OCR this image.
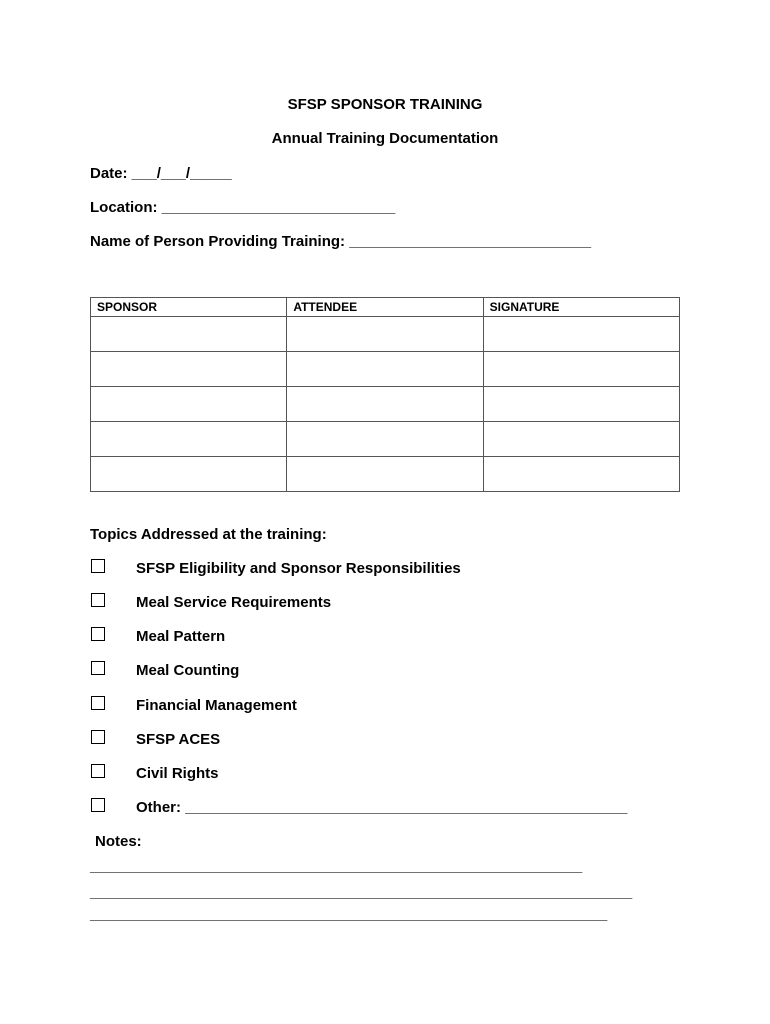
SFSP SPONSOR TRAINING
Annual Training Documentation
Date: ___/___/_____
Location: ____________________________
Name of Person Providing Training: _____________________________
SPONSOR	ATTENDEE	SIGNATURE

Topics Addressed at the training:
SFSP Eligibility and Sponsor Responsibilities
Meal Service Requirements
Meal Pattern
Meal Counting
Financial Management
SFSP ACES
Civil Rights
Other: _____________________________________________________
Notes:
___________________________________________________________
_________________________________________________________________
______________________________________________________________
